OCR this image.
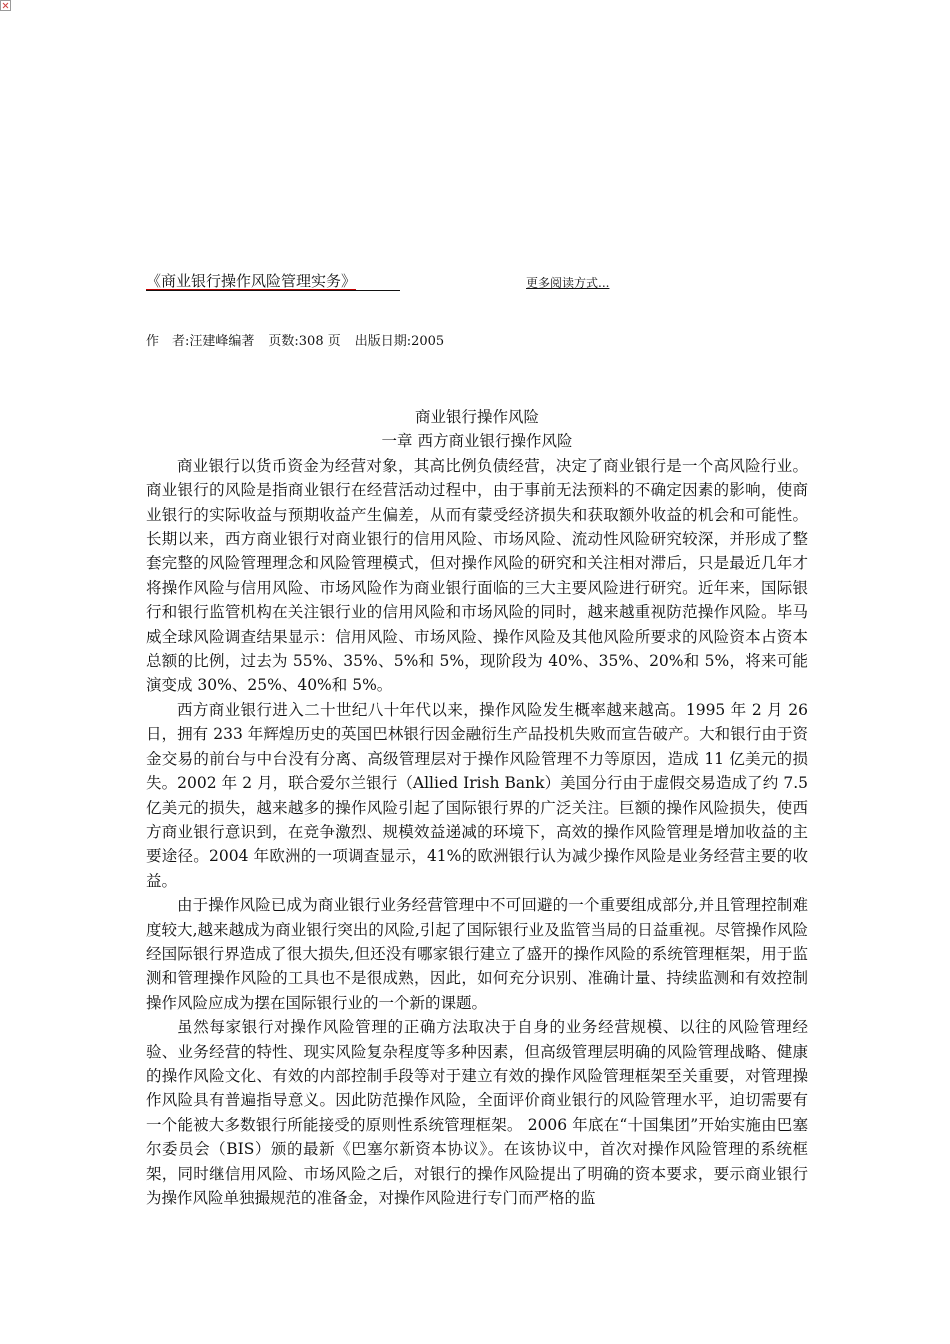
《商业银行操作风险管理实务》	更多阅读方式...
作　者:汪建峰编著 页数:308 页 出版日期:2005
商业银行操作风险
一章 西方商业银行操作风险

商业银行以货币资金为经营对象，其高比例负债经营，决定了商业银行是一个高风险行业。商业银行的风险是指商业银行在经营活动过程中，由于事前无法预料的不确定因素的影响，使商业银行的实际收益与预期收益产生偏差，从而有蒙受经济损失和获取额外收益的机会和可能性。长期以来，西方商业银行对商业银行的信用风险、市场风险、流动性风险研究较深，并形成了整套完整的风险管理理念和风险管理模式，但对操作风险的研究和关注相对滞后，只是最近几年才将操作风险与信用风险、市场风险作为商业银行面临的三大主要风险进行研究。近年来，国际银行和银行监管机构在关注银行业的信用风险和市场风险的同时，越来越重视防范操作风险。毕马威全球风险调查结果显示：信用风险、市场风险、操作风险及其他风险所要求的风险资本占资本总额的比例，过去为 55%、35%、5%和 5%，现阶段为 40%、35%、20%和 5%，将来可能演变成 30%、25%、40%和 5%。

西方商业银行进入二十世纪八十年代以来，操作风险发生概率越来越高。1995 年 2 月 26 日，拥有 233 年辉煌历史的英国巴林银行因金融衍生产品投机失败而宣告破产。大和银行由于资金交易的前台与中台没有分离、高级管理层对于操作风险管理不力等原因，造成 11 亿美元的损失。2002 年 2 月，联合爱尔兰银行（Allied Irish Bank）美国分行由于虚假交易造成了约 7.5 亿美元的损失，越来越多的操作风险引起了国际银行界的广泛关注。巨额的操作风险损失，使西方商业银行意识到，在竞争激烈、规模效益递减的环境下，高效的操作风险管理是增加收益的主要途径。2004 年欧洲的一项调查显示，41%的欧洲银行认为减少操作风险是业务经营主要的收益。

由于操作风险已成为商业银行业务经营管理中不可回避的一个重要组成部分,并且管理控制难度较大,越来越成为商业银行突出的风险,引起了国际银行业及监管当局的日益重视。尽管操作风险经国际银行界造成了很大损失,但还没有哪家银行建立了盛开的操作风险的系统管理框架，用于监测和管理操作风险的工具也不是很成熟，因此，如何充分识别、准确计量、持续监测和有效控制操作风险应成为摆在国际银行业的一个新的课题。

虽然每家银行对操作风险管理的正确方法取决于自身的业务经营规模、以往的风险管理经验、业务经营的特性、现实风险复杂程度等多种因素，但高级管理层明确的风险管理战略、健康的操作风险文化、有效的内部控制手段等对于建立有效的操作风险管理框架至关重要，对管理操作风险具有普遍指导意义。因此防范操作风险，全面评价商业银行的风险管理水平，迫切需要有一个能被大多数银行所能接受的原则性系统管理框架。 2006 年底在“十国集团”开始实施由巴塞尔委员会（BIS）颁的最新《巴塞尔新资本协议》。在该协议中，首次对操作风险管理的系统框架，同时继信用风险、市场风险之后，对银行的操作风险提出了明确的资本要求，要示商业银行为操作风险单独撮规范的准备金，对操作风险进行专门而严格的监
